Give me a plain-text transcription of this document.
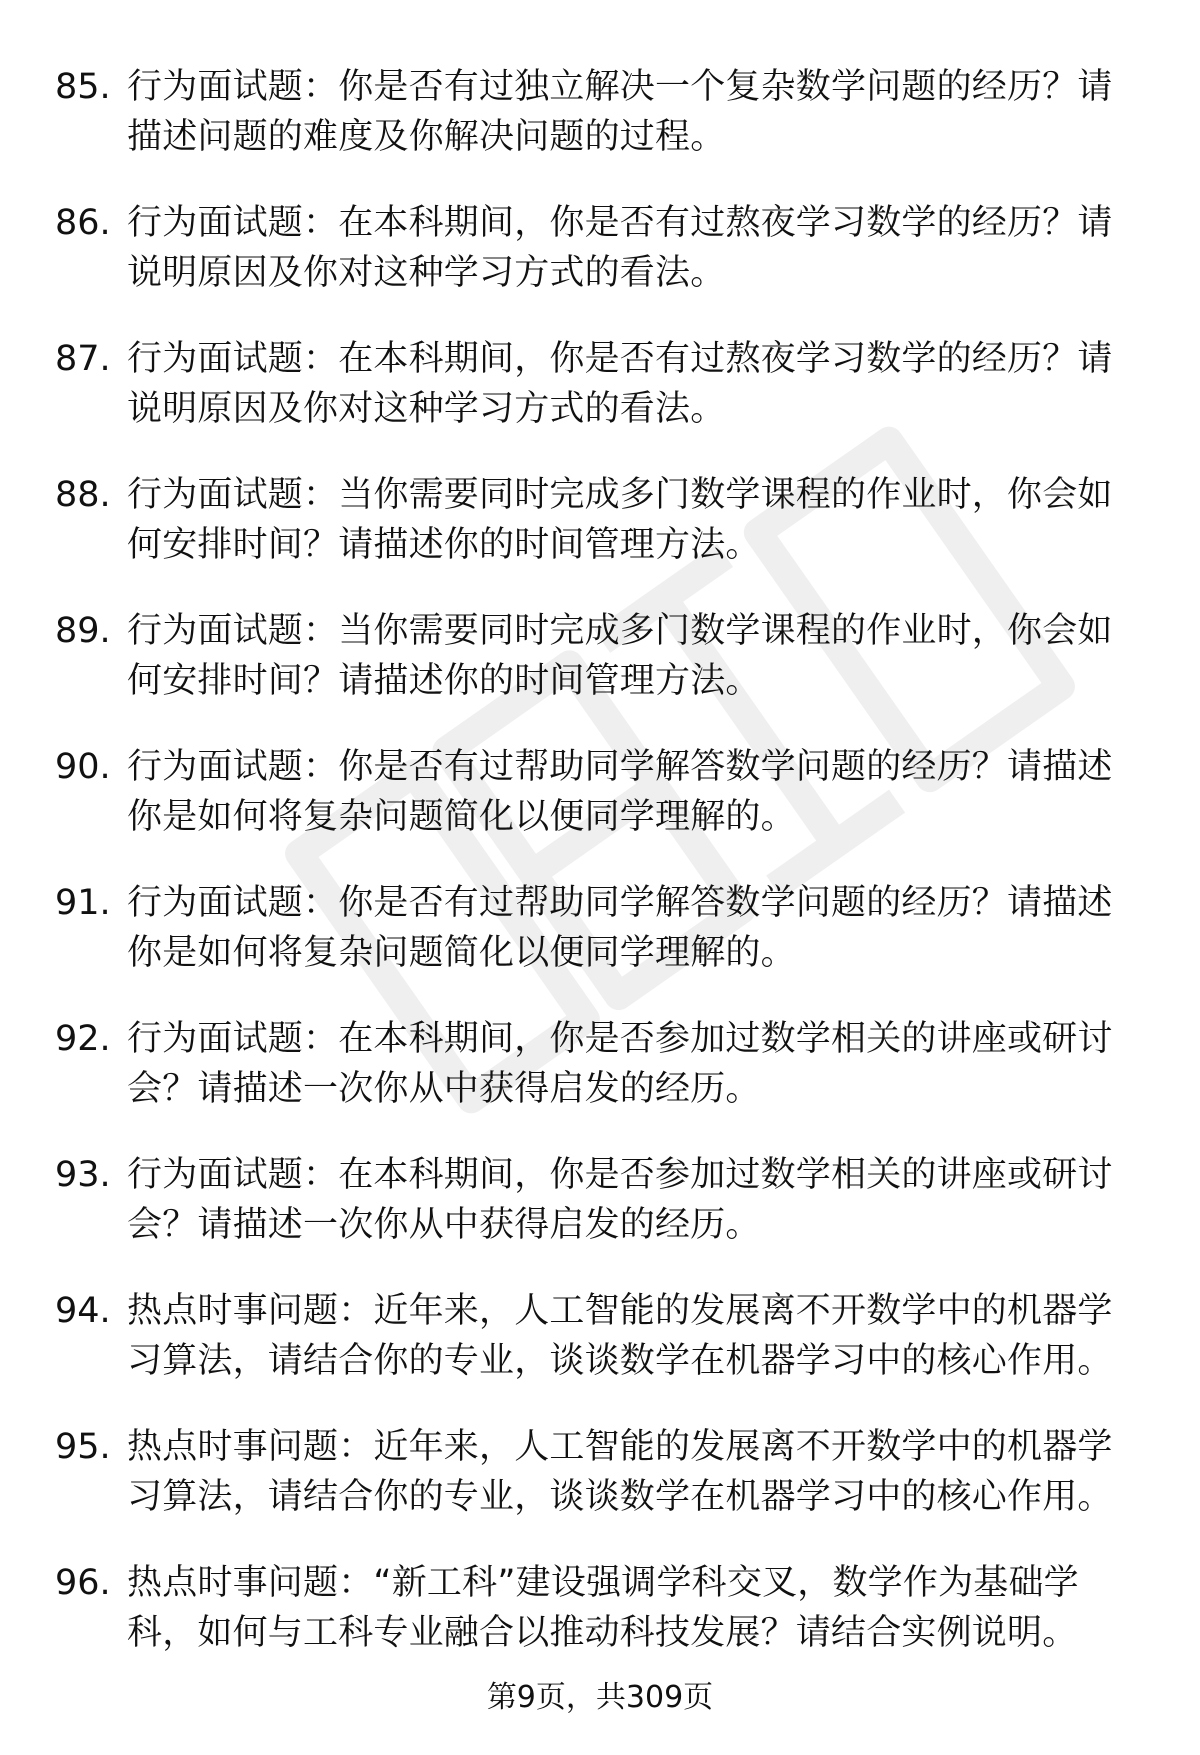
85. 行为面试题：你是否有过独立解决一个复杂数学问题的经历？请描述问题的难度及你解决问题的过程。
86. 行为面试题：在本科期间，你是否有过熬夜学习数学的经历？请说明原因及你对这种学习方式的看法。
87. 行为面试题：在本科期间，你是否有过熬夜学习数学的经历？请说明原因及你对这种学习方式的看法。
88. 行为面试题：当你需要同时完成多门数学课程的作业时，你会如何安排时间？请描述你的时间管理方法。
89. 行为面试题：当你需要同时完成多门数学课程的作业时，你会如何安排时间？请描述你的时间管理方法。
90. 行为面试题：你是否有过帮助同学解答数学问题的经历？请描述你是如何将复杂问题简化以便同学理解的。
91. 行为面试题：你是否有过帮助同学解答数学问题的经历？请描述你是如何将复杂问题简化以便同学理解的。
92. 行为面试题：在本科期间，你是否参加过数学相关的讲座或研讨会？请描述一次你从中获得启发的经历。
93. 行为面试题：在本科期间，你是否参加过数学相关的讲座或研讨会？请描述一次你从中获得启发的经历。
94. 热点时事问题：近年来，人工智能的发展离不开数学中的机器学习算法，请结合你的专业，谈谈数学在机器学习中的核心作用。
95. 热点时事问题：近年来，人工智能的发展离不开数学中的机器学习算法，请结合你的专业，谈谈数学在机器学习中的核心作用。
96. 热点时事问题：“新工科”建设强调学科交叉，数学作为基础学科，如何与工科专业融合以推动科技发展？请结合实例说明。
第9页，共309页
